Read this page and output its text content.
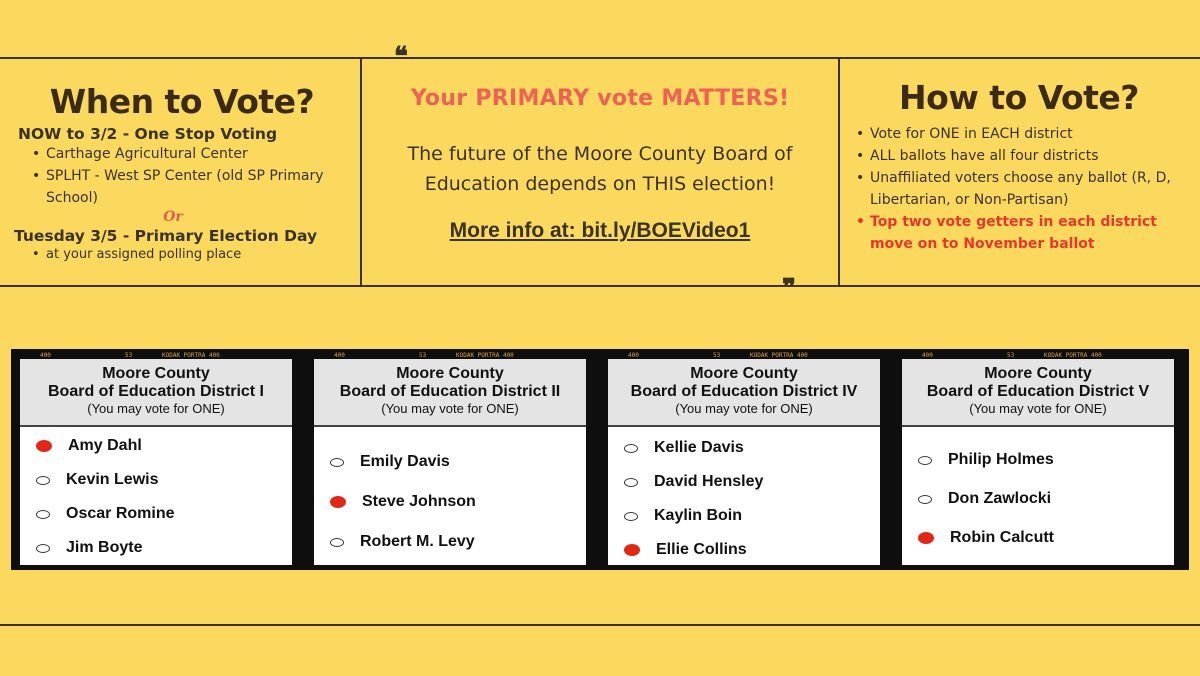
❝
❞
When to Vote?

NOW to 3/2 - One Stop Voting

• Carthage Agricultural Center
• SPLHT - West SP Center (old SP Primary School)
Or

Tuesday 3/5 - Primary Election Day

• at your assigned polling place

Your PRIMARY vote MATTERS!

The future of the Moore County Board of

Education depends on THIS election!

More info at: bit.ly/BOEVideo1
How to Vote?
• Vote for ONE in EACH district
• ALL ballots have all four districts
• Unaffiliated voters choose any ballot (R, D, Libertarian, or Non-Partisan)
• Top two vote getters in each district move on to November ballot
Moore County
Board of Education District I
(You may vote for ONE)
Amy Dahl
Kevin Lewis
Oscar Romine
Jim Boyte
400	53	KODAK PORTRA 400
Moore County
Board of Education District II
(You may vote for ONE)
Emily Davis
Steve Johnson
Robert M. Levy
400	53	KODAK PORTRA 400
Moore County
Board of Education District IV
(You may vote for ONE)
Kellie Davis
David Hensley
Kaylin Boin
Ellie Collins
400	53	KODAK PORTRA 400
Moore County
Board of Education District V
(You may vote for ONE)
Philip Holmes
Don Zawlocki
Robin Calcutt
400	53	KODAK PORTRA 400
